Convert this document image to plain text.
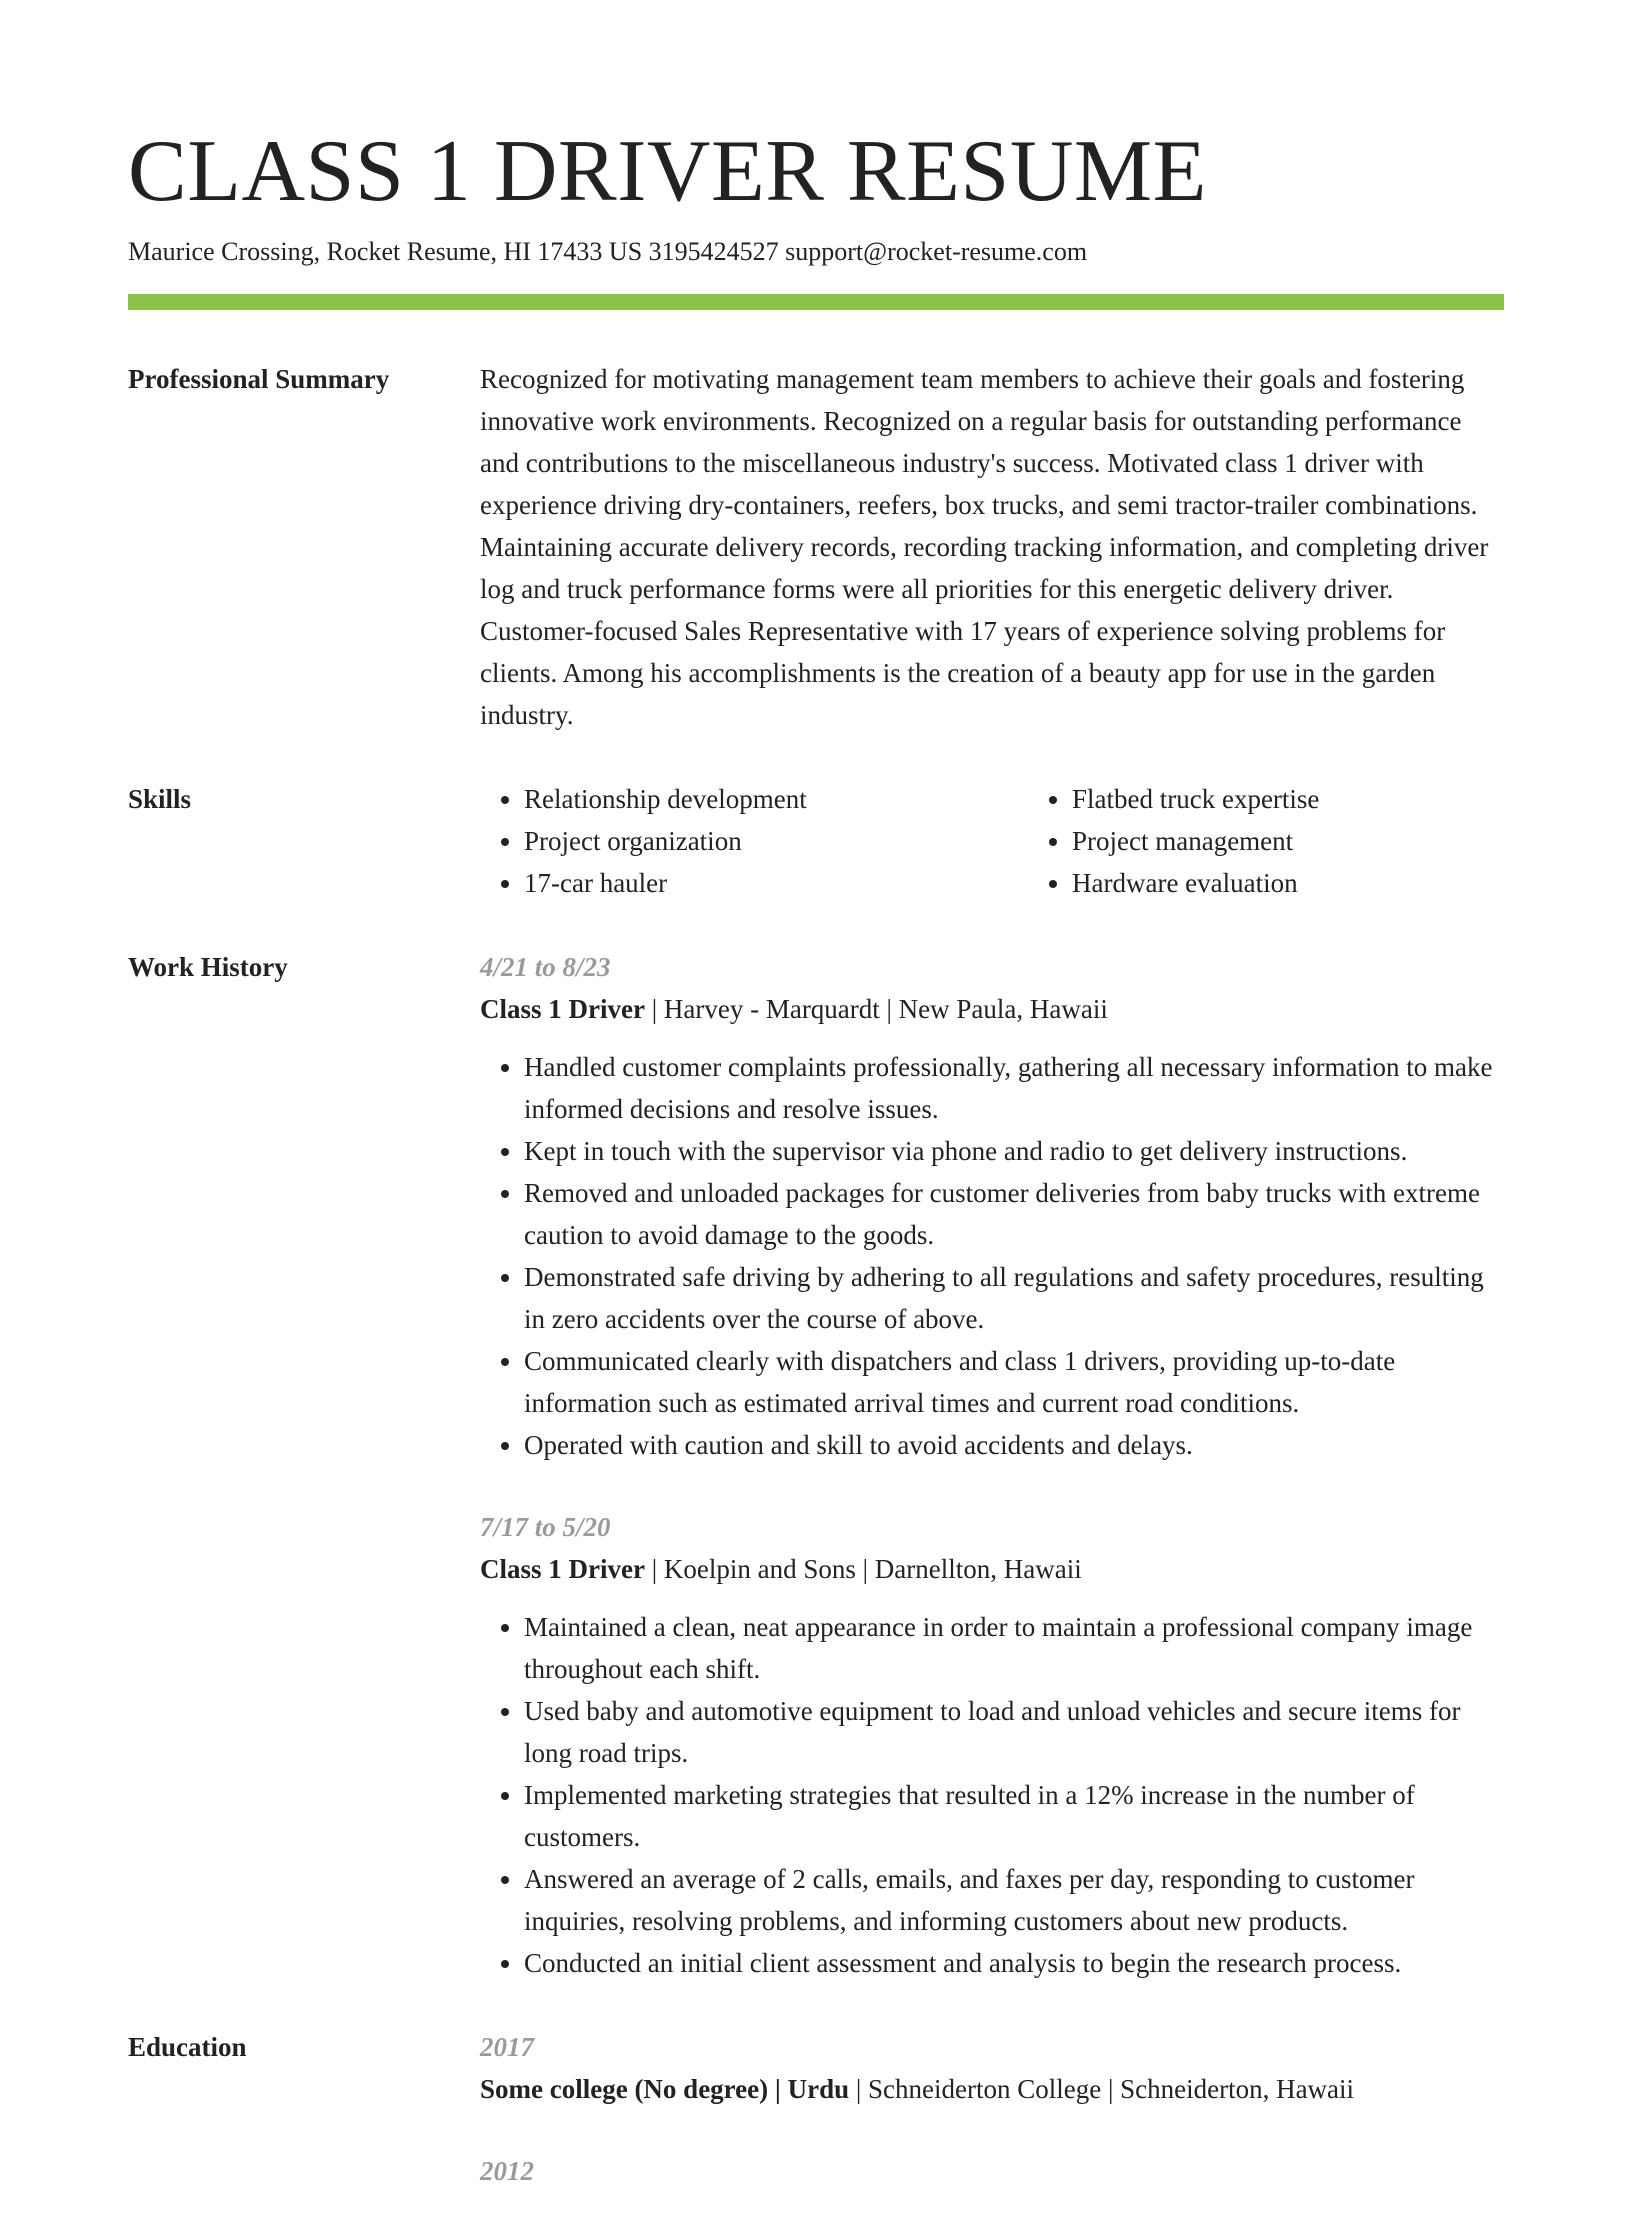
CLASS 1 DRIVER RESUME
Maurice Crossing, Rocket Resume, HI 17433 US 3195424527 support@rocket-resume.com
Professional Summary	Recognized for motivating management team members to achieve their goals and fostering innovative work environments. Recognized on a regular basis for outstanding performance and contributions to the miscellaneous industry's success. Motivated class 1 driver with experience driving dry-containers, reefers, box trucks, and semi tractor-trailer combinations. Maintaining accurate delivery records, recording tracking information, and completing driver log and truck performance forms were all priorities for this energetic delivery driver. Customer-focused Sales Representative with 17 years of experience solving problems for clients. Among his accomplishments is the creation of a beauty app for use in the garden industry.

Skills
•	Relationship development
• Project organization
• 17-car hauler
• Flatbed truck expertise
• Project management
• Hardware evaluation
Work History	4/21 to 8/23
Class 1 Driver | Harvey - Marquardt | New Paula, Hawaii
• Handled customer complaints professionally, gathering all necessary information to make informed decisions and resolve issues.
• Kept in touch with the supervisor via phone and radio to get delivery instructions.
• Removed and unloaded packages for customer deliveries from baby trucks with extreme caution to avoid damage to the goods.
• Demonstrated safe driving by adhering to all regulations and safety procedures, resulting in zero accidents over the course of above.
• Communicated clearly with dispatchers and class 1 drivers, providing up-to-date information such as estimated arrival times and current road conditions.
• Operated with caution and skill to avoid accidents and delays.
7/17 to 5/20
Class 1 Driver | Koelpin and Sons | Darnellton, Hawaii
• Maintained a clean, neat appearance in order to maintain a professional company image throughout each shift.
• Used baby and automotive equipment to load and unload vehicles and secure items for long road trips.
• Implemented marketing strategies that resulted in a 12% increase in the number of customers.
• Answered an average of 2 calls, emails, and faxes per day, responding to customer inquiries, resolving problems, and informing customers about new products.
• Conducted an initial client assessment and analysis to begin the research process.
Education	2017
Some college (No degree) | Urdu | Schneiderton College | Schneiderton, Hawaii
2012
